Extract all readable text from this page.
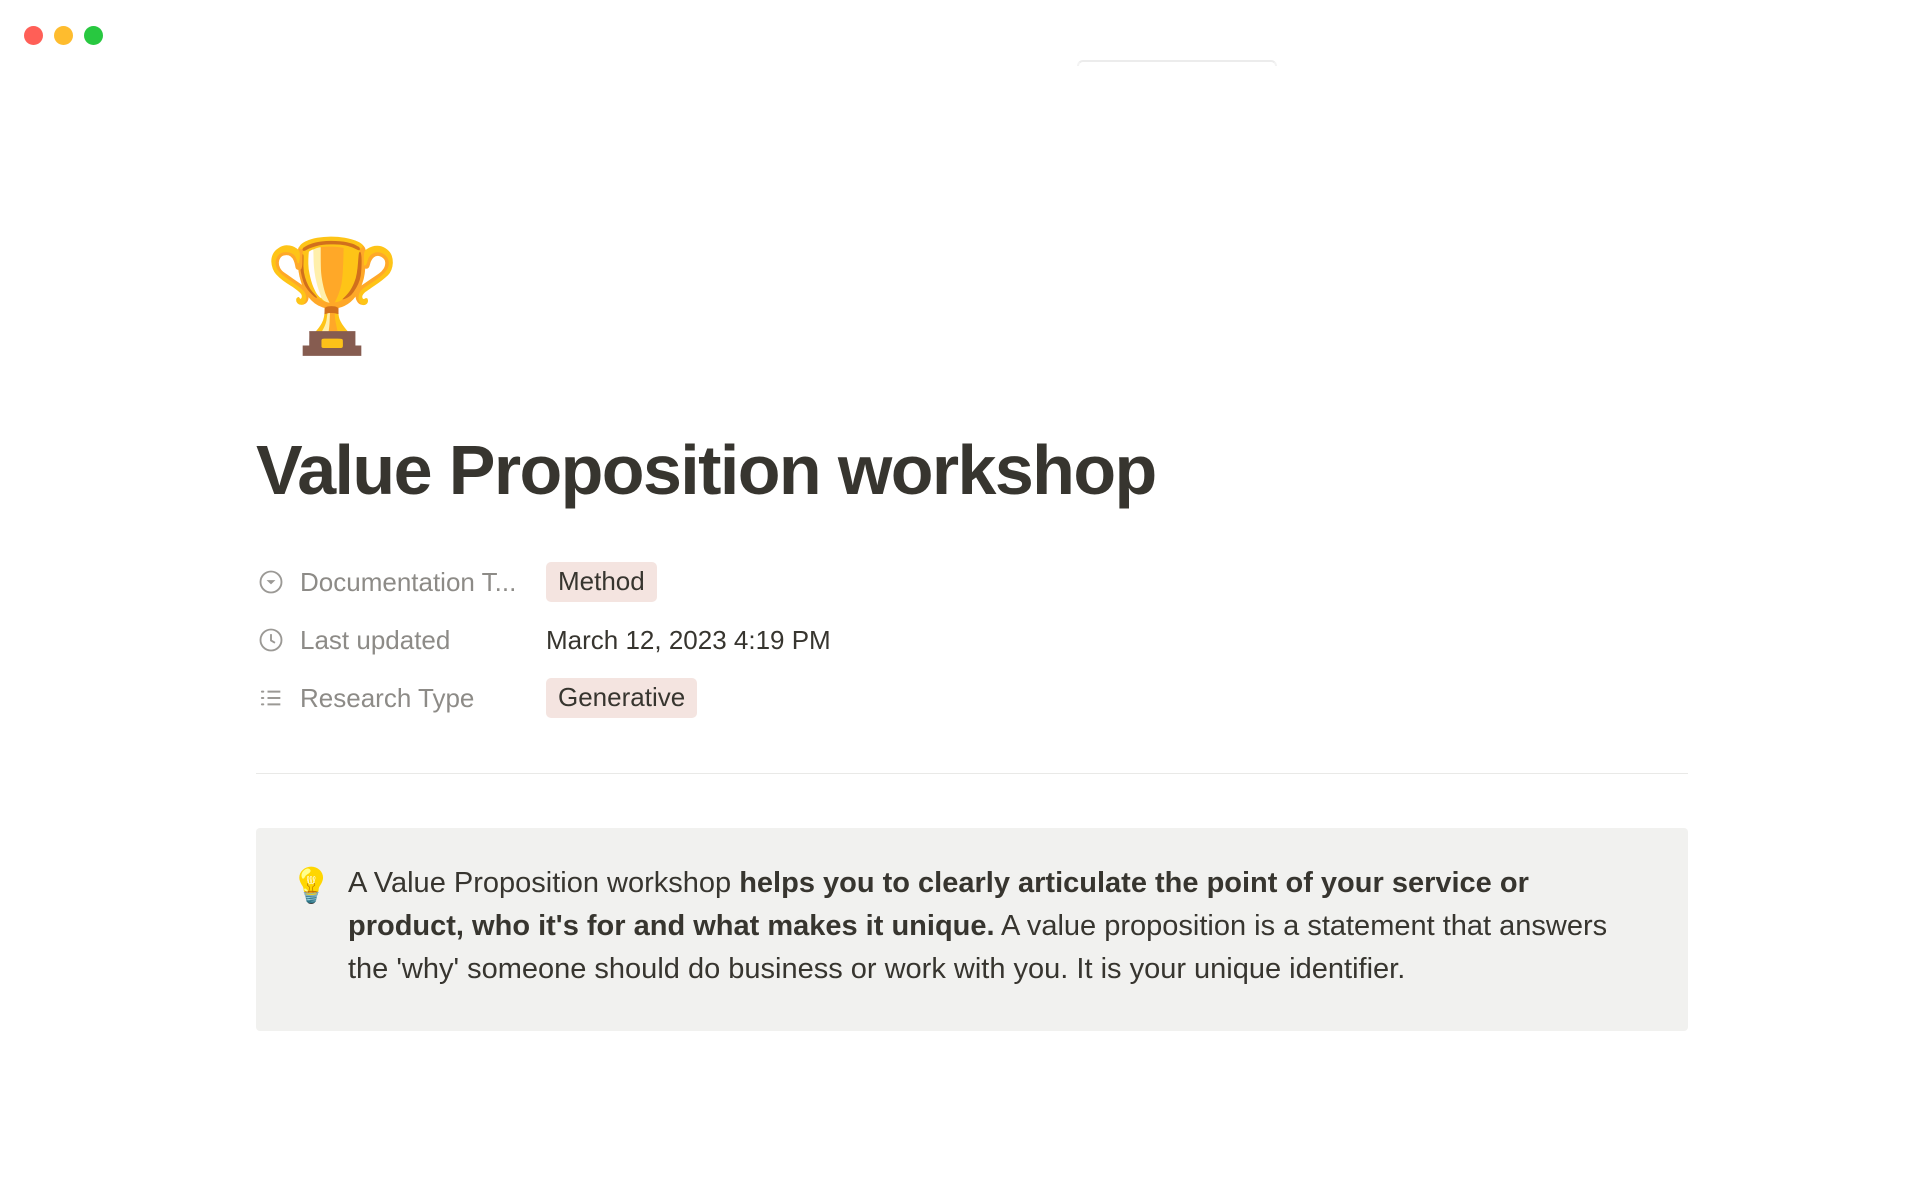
🏆
Value Proposition workshop
Documentation T...	Method
Last updated	March 12, 2023 4:19 PM
Research Type	Generative
💡 A Value Proposition workshop helps you to clearly articulate the point of your service or product, who it's for and what makes it unique. A value proposition is a statement that answers the 'why' someone should do business or work with you. It is your unique identifier.
